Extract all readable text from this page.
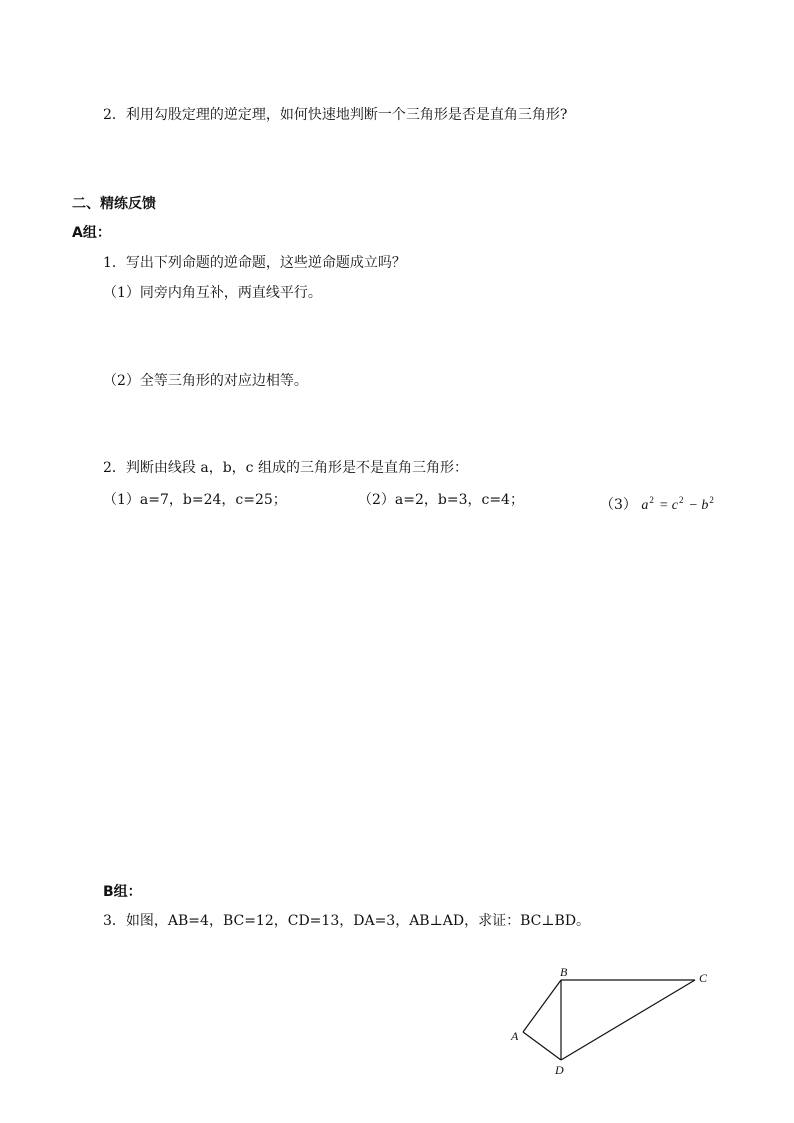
2．利用勾股定理的逆定理，如何快速地判断一个三角形是否是直角三角形?
二、精练反馈
A组：
1．写出下列命题的逆命题，这些逆命题成立吗？
（1）同旁内角互补，两直线平行。
（2）全等三角形的对应边相等。
2．判断由线段 a，b，c 组成的三角形是不是直角三角形：
（1）a=7，b=24，c=25；	（2）a=2，b=3，c=4；	（3） $a^2 = c^2 - b^2$
B组：
3．如图，AB=4，BC=12，CD=13，DA=3，AB⊥AD，求证：BC⊥BD。
A
B	C
D
